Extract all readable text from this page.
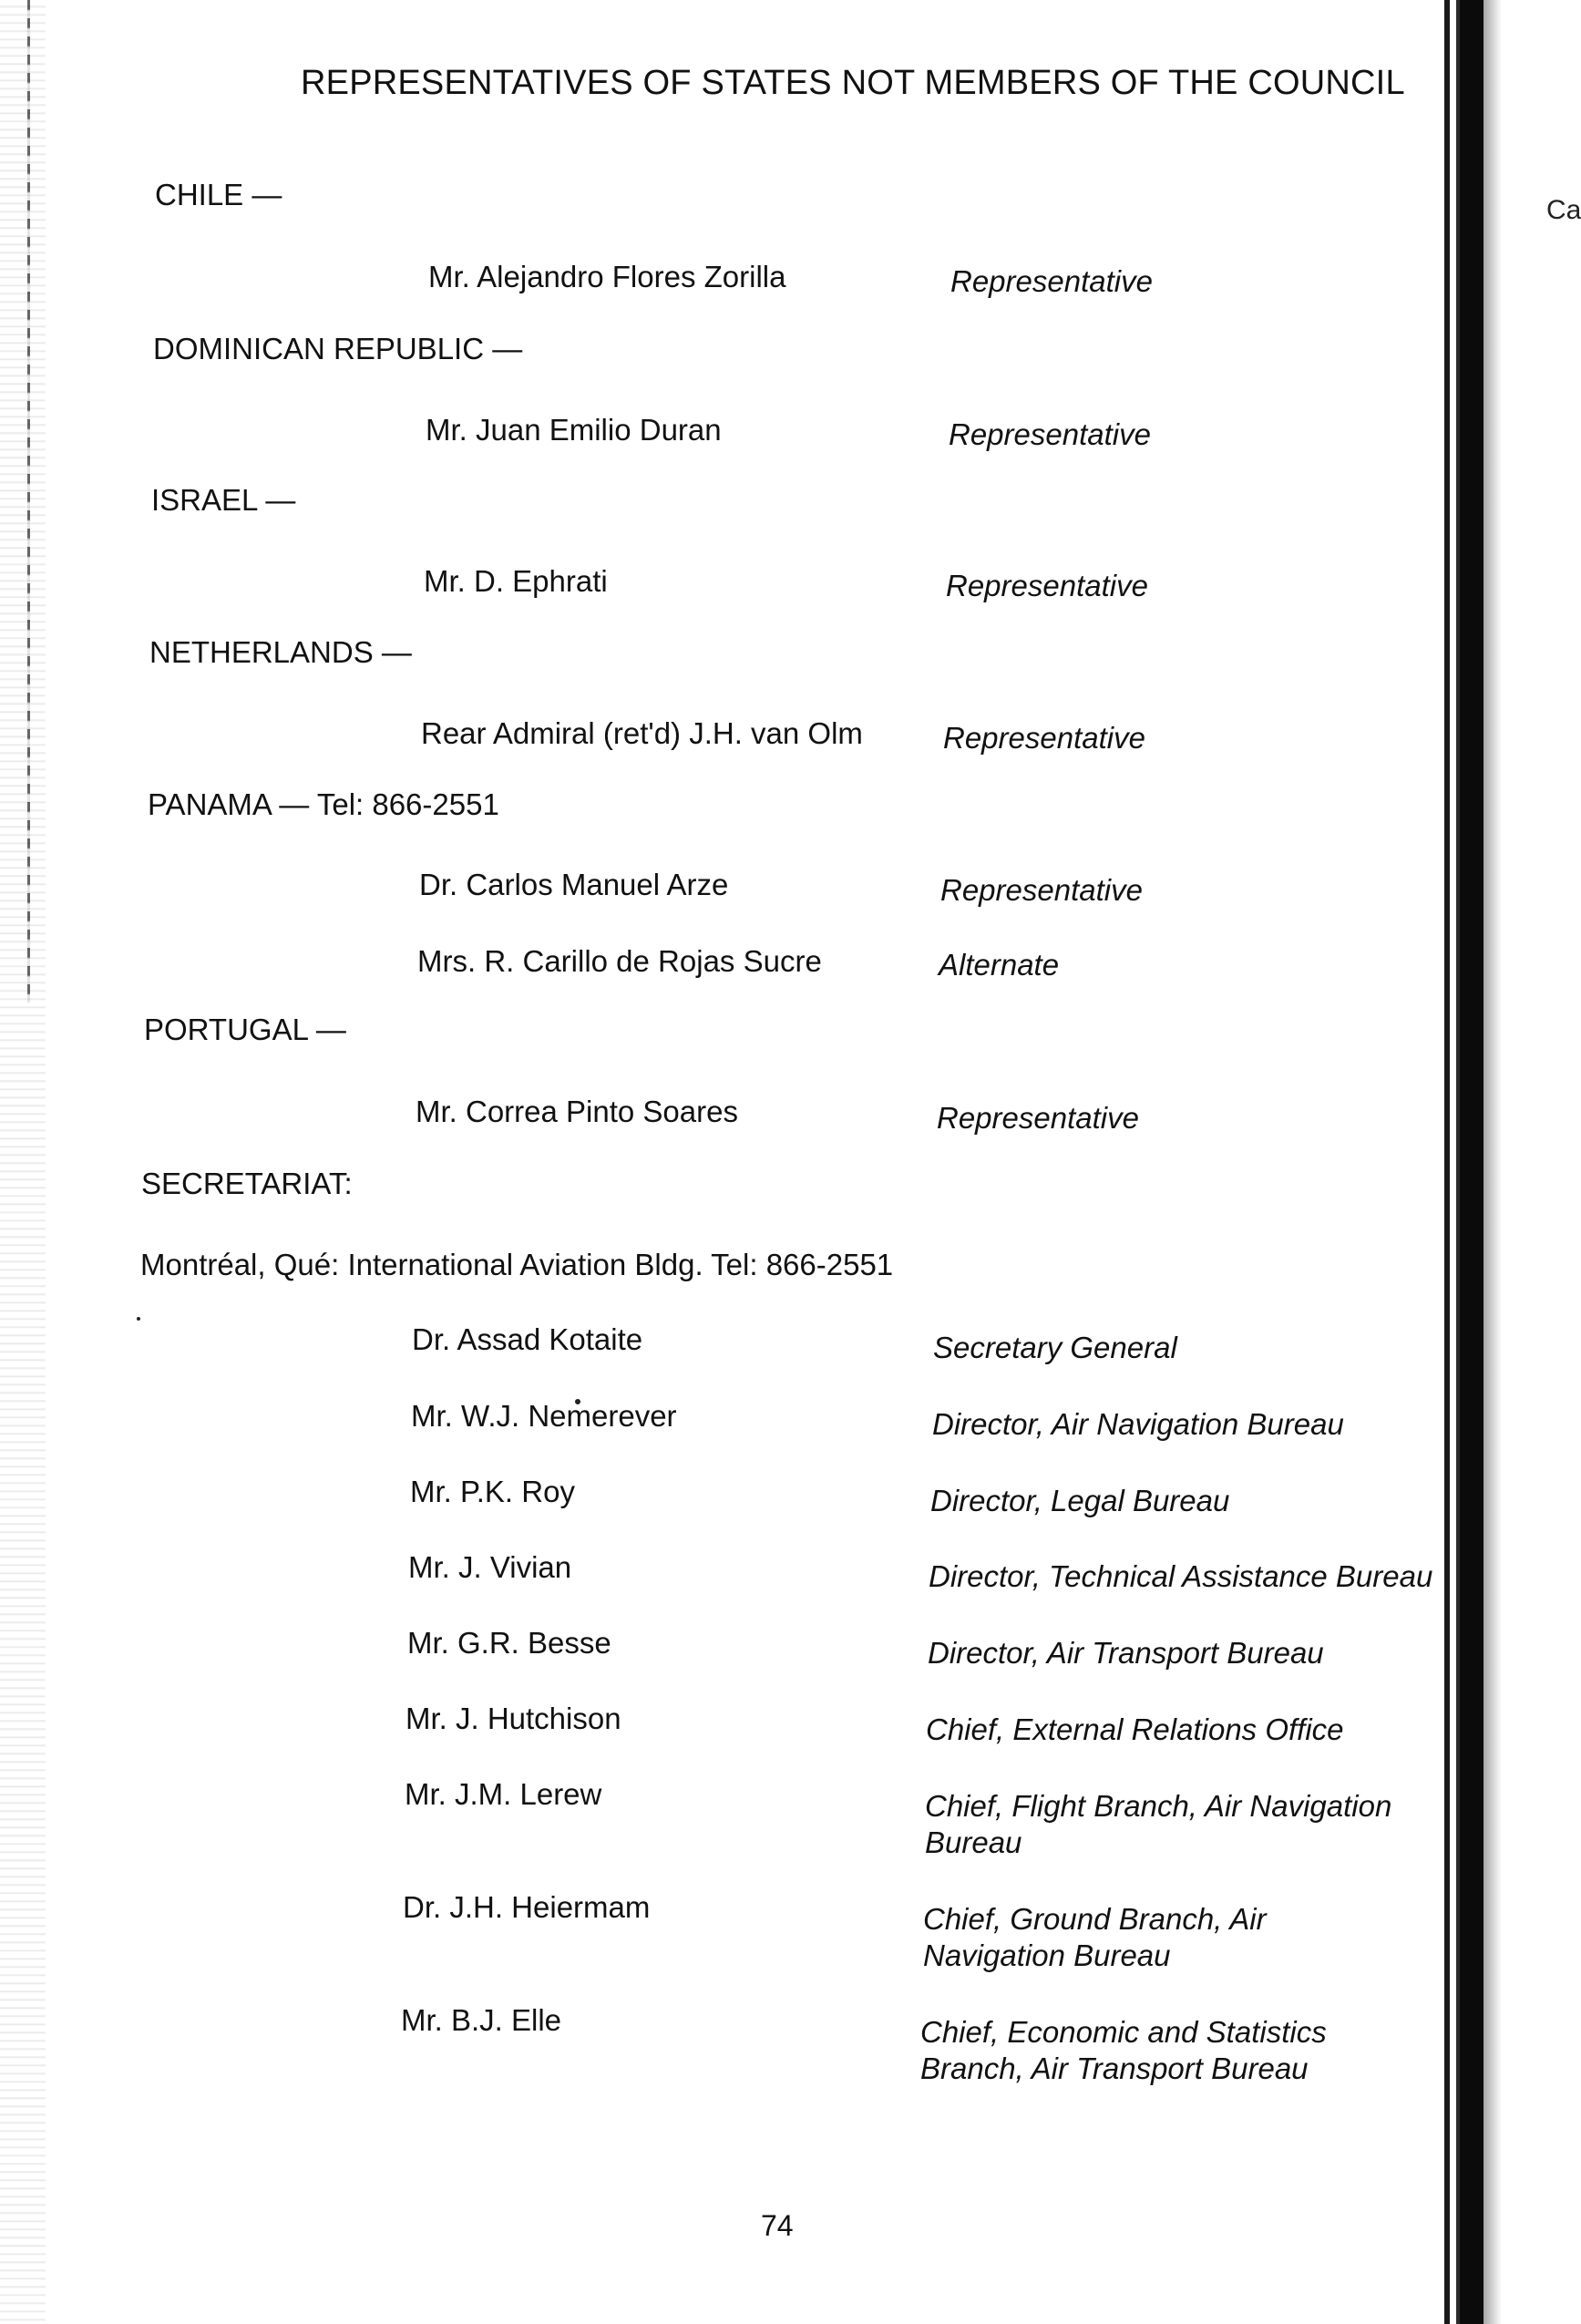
Ca
REPRESENTATIVES OF STATES NOT MEMBERS OF THE COUNCIL
CHILE —
Mr. Alejandro Flores Zorilla	Representative
DOMINICAN REPUBLIC —
Mr. Juan Emilio Duran	Representative
ISRAEL —
Mr. D. Ephrati	Representative
NETHERLANDS —
Rear Admiral (ret'd) J.H. van Olm	Representative
PANAMA — Tel: 866-2551
Dr. Carlos Manuel Arze	Representative
Mrs. R. Carillo de Rojas Sucre	Alternate
PORTUGAL —
Mr. Correa Pinto Soares	Representative
SECRETARIAT:
Montréal, Qué: International Aviation Bldg. Tel: 866-2551
Dr. Assad Kotaite	Secretary General
Mr. W.J. Nemerever	Director, Air Navigation Bureau
Mr. P.K. Roy	Director, Legal Bureau
Mr. J. Vivian	Director, Technical Assistance Bureau
Mr. G.R. Besse	Director, Air Transport Bureau
Mr. J. Hutchison	Chief, External Relations Office
Mr. J.M. Lerew	Chief, Flight Branch, Air Navigation Bureau
Dr. J.H. Heiermam	Chief, Ground Branch, Air Navigation Bureau
Mr. B.J. Elle	Chief, Economic and Statistics Branch, Air Transport Bureau
74
